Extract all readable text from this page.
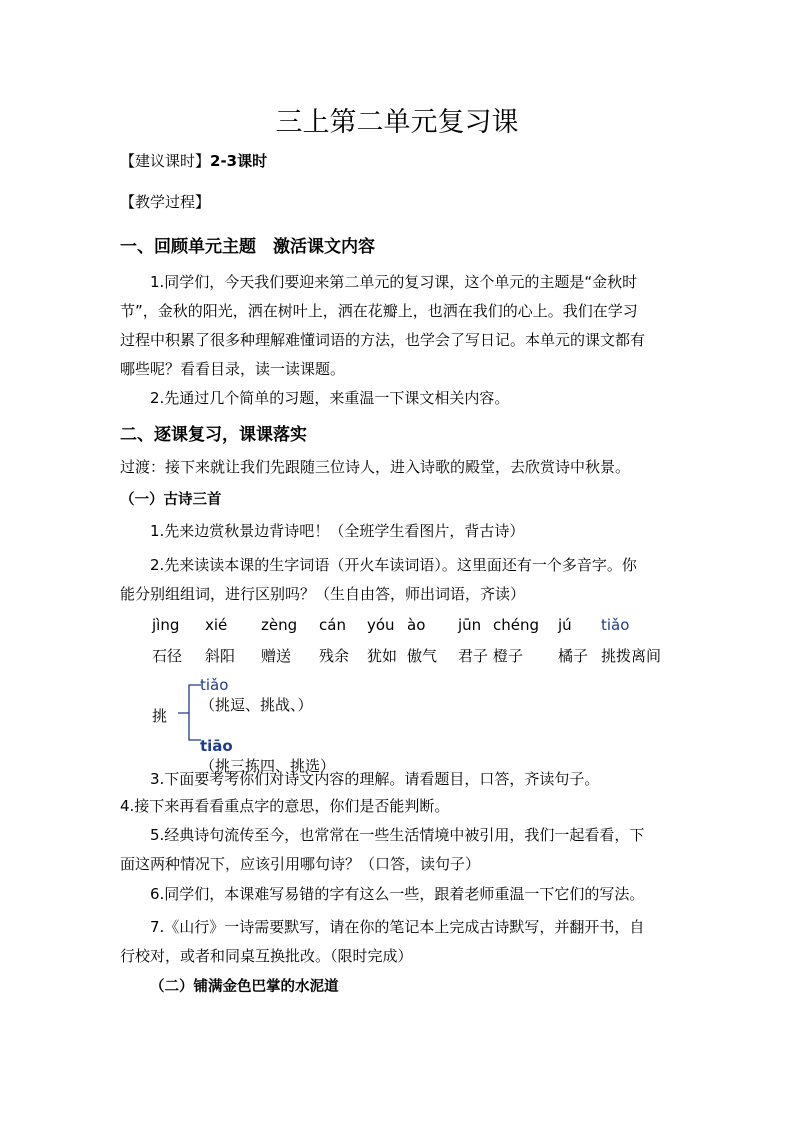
三上第二单元复习课
【建议课时】2-3课时
【教学过程】
一、回顾单元主题　激活课文内容
1.同学们，今天我们要迎来第二单元的复习课，这个单元的主题是“金秋时
节”，金秋的阳光，洒在树叶上，洒在花瓣上，也洒在我们的心上。我们在学习
过程中积累了很多种理解难懂词语的方法，也学会了写日记。本单元的课文都有
哪些呢？看看目录，读一读课题。
2.先通过几个简单的习题，来重温一下课文相关内容。
二、逐课复习，课课落实
过渡：接下来就让我们先跟随三位诗人，进入诗歌的殿堂，去欣赏诗中秋景。
（一）古诗三首
1.先来边赏秋景边背诗吧！（全班学生看图片，背古诗）
2.先来读读本课的生字词语（开火车读词语）。这里面还有一个多音字。你
能分别组组词，进行区别吗？（生自由答，师出词语，齐读）
jìng	xié	zèng	cán	yóu	ào	jūn	chéng	jú	tiǎo
石径	斜阳	赠送	残余	犹如	傲气	君子	橙子	橘子	挑拨离间
挑
tiǎo
（挑逗、挑战、）
tiāo
（挑三拣四、挑选）
3.下面要考考你们对诗文内容的理解。请看题目，口答，齐读句子。
4.接下来再看看重点字的意思，你们是否能判断。
5.经典诗句流传至今，也常常在一些生活情境中被引用，我们一起看看，下
面这两种情况下，应该引用哪句诗？（口答，读句子）
6.同学们，本课难写易错的字有这么一些，跟着老师重温一下它们的写法。
7.《山行》一诗需要默写，请在你的笔记本上完成古诗默写，并翻开书，自
行校对，或者和同桌互换批改。（限时完成）
（二）铺满金色巴掌的水泥道
